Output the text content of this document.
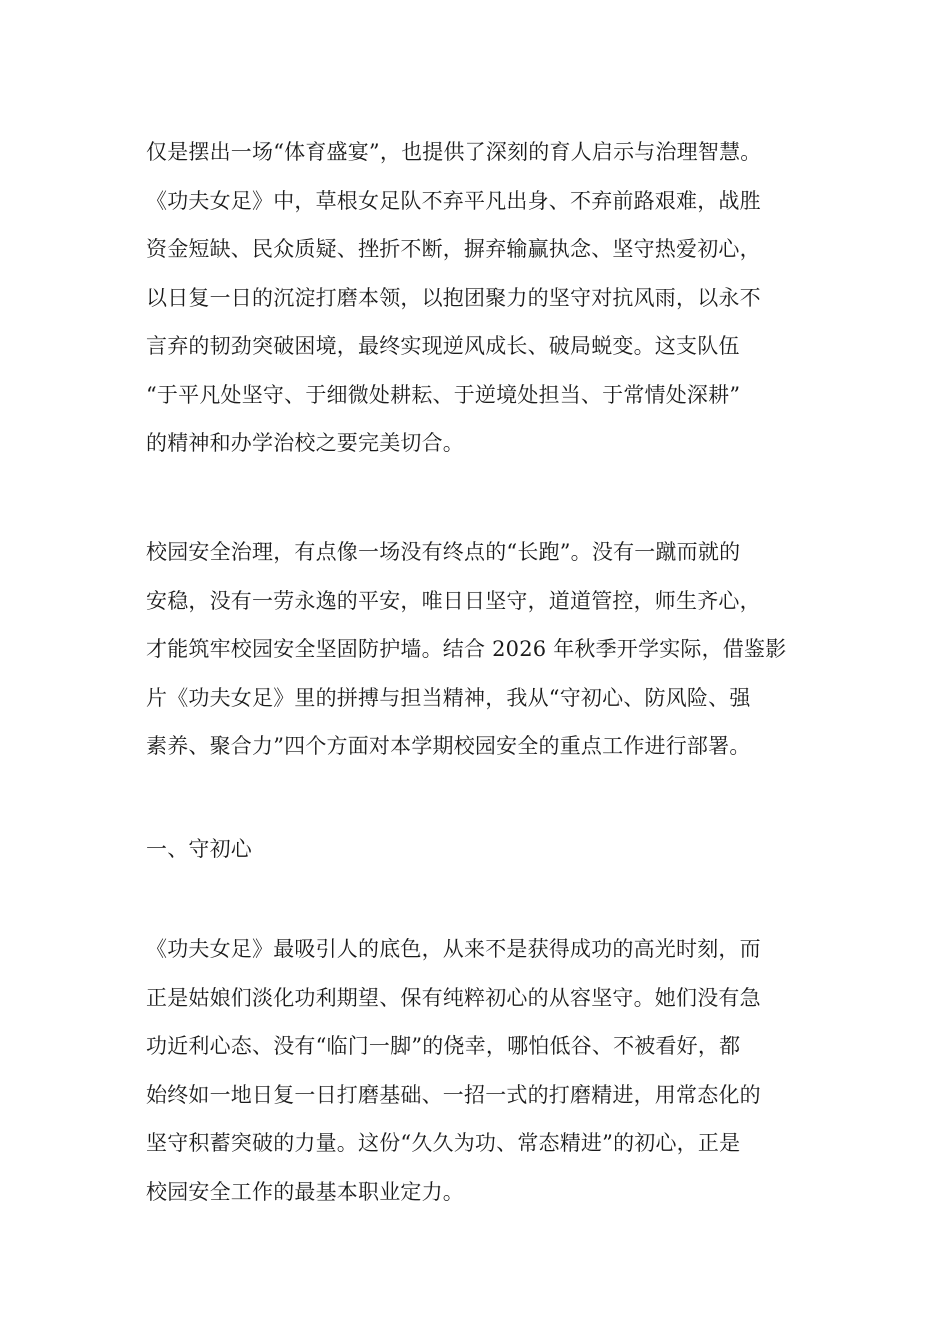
仅是摆出一场“体育盛宴”，也提供了深刻的育人启示与治理智慧。
《功夫女足》中，草根女足队不弃平凡出身、不弃前路艰难，战胜
资金短缺、民众质疑、挫折不断，摒弃输赢执念、坚守热爱初心，
以日复一日的沉淀打磨本领，以抱团聚力的坚守对抗风雨，以永不
言弃的韧劲突破困境，最终实现逆风成长、破局蜕变。这支队伍
“于平凡处坚守、于细微处耕耘、于逆境处担当、于常情处深耕”
的精神和办学治校之要完美切合。
校园安全治理，有点像一场没有终点的“长跑”。没有一蹴而就的
安稳，没有一劳永逸的平安，唯日日坚守，道道管控，师生齐心，
才能筑牢校园安全坚固防护墙。结合 2026 年秋季开学实际，借鉴影
片《功夫女足》里的拼搏与担当精神，我从“守初心、防风险、强
素养、聚合力”四个方面对本学期校园安全的重点工作进行部署。
一、守初心
《功夫女足》最吸引人的底色，从来不是获得成功的高光时刻，而
正是姑娘们淡化功利期望、保有纯粹初心的从容坚守。她们没有急
功近利心态、没有“临门一脚”的侥幸，哪怕低谷、不被看好，都
始终如一地日复一日打磨基础、一招一式的打磨精进，用常态化的
坚守积蓄突破的力量。这份“久久为功、常态精进”的初心，正是
校园安全工作的最基本职业定力。
